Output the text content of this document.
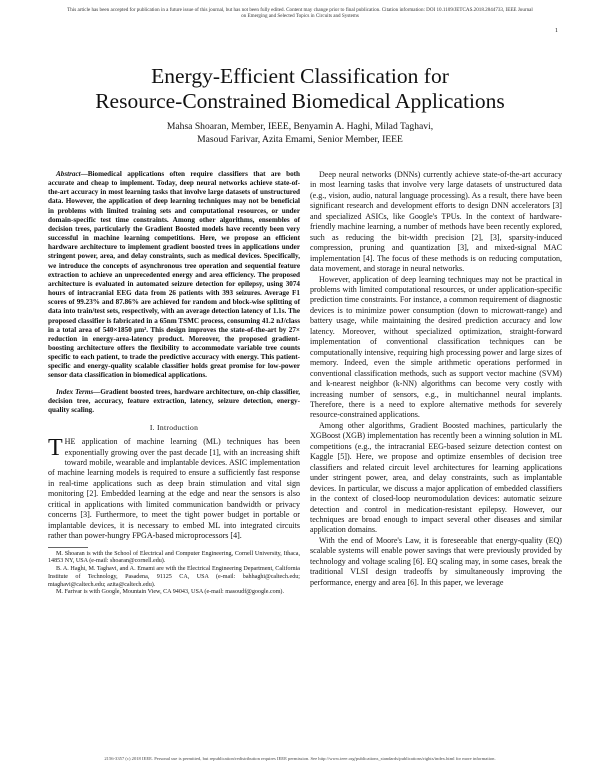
This article has been accepted for publication in a future issue of this journal, but has not been fully edited. Content may change prior to final publication. Citation information: DOI 10.1109/JETCAS.2018.2844733, IEEE Journal
on Emerging and Selected Topics in Circuits and Systems
1
Energy-Efficient Classification for
Resource-Constrained Biomedical Applications
Mahsa Shoaran, Member, IEEE, Benyamin A. Haghi, Milad Taghavi,
Masoud Farivar, Azita Emami, Senior Member, IEEE

Abstract—Biomedical applications often require classifiers that are both accurate and cheap to implement. Today, deep neural networks achieve state-of-the-art accuracy in most learning tasks that involve large datasets of unstructured data. However, the application of deep learning techniques may not be beneficial in problems with limited training sets and computational resources, or under domain-specific test time constraints. Among other algorithms, ensembles of decision trees, particularly the Gradient Boosted models have recently been very successful in machine learning competitions. Here, we propose an efficient hardware architecture to implement gradient boosted trees in applications under stringent power, area, and delay constraints, such as medical devices. Specifically, we introduce the concepts of asynchronous tree operation and sequential feature extraction to achieve an unprecedented energy and area efficiency. The proposed architecture is evaluated in automated seizure detection for epilepsy, using 3074 hours of intracranial EEG data from 26 patients with 393 seizures. Average F1 scores of 99.23% and 87.86% are achieved for random and block-wise splitting of data into train/test sets, respectively, with an average detection latency of 1.1s. The proposed classifier is fabricated in a 65nm TSMC process, consuming 41.2 nJ/class in a total area of 540×1850 μm². This design improves the state-of-the-art by 27× reduction in energy-area-latency product. Moreover, the proposed gradient-boosting architecture offers the flexibility to accommodate variable tree counts specific to each patient, to trade the predictive accuracy with energy. This patient-specific and energy-quality scalable classifier holds great promise for low-power sensor data classification in biomedical applications.

Index Terms—Gradient boosted trees, hardware architecture, on-chip classifier, decision tree, accuracy, feature extraction, latency, seizure detection, energy-quality scaling.

I. Introduction

THE application of machine learning (ML) techniques has been exponentially growing over the past decade [1], with an increasing shift toward mobile, wearable and implantable devices. ASIC implementation of machine learning models is required to ensure a sufficiently fast response in real-time applications such as deep brain stimulation and vital sign monitoring [2]. Embedded learning at the edge and near the sensors is also critical in applications with limited communication bandwidth or privacy concerns [3]. Furthermore, to meet the tight power budget in portable or implantable devices, it is necessary to embed ML into integrated circuits rather than power-hungry FPGA-based microprocessors [4].

M. Shoaran is with the School of Electrical and Computer Engineering, Cornell University, Ithaca, 14853 NY, USA (e-mail: shoaran@cornell.edu).

B. A. Haghi, M. Taghavi, and A. Emami are with the Electrical Engineering Department, California Institute of Technology, Pasadena, 91125 CA, USA (e-mail: bahhaghi@caltech.edu; mtaghavi@caltech.edu; azita@caltech.edu).

M. Farivar is with Google, Mountain View, CA 94043, USA (e-mail: masoudf@google.com).

Deep neural networks (DNNs) currently achieve state-of-the-art accuracy in most learning tasks that involve very large datasets of unstructured data (e.g., vision, audio, natural language processing). As a result, there have been significant research and development efforts to design DNN accelerators [3] and specialized ASICs, like Google's TPUs. In the context of hardware-friendly machine learning, a number of methods have been recently explored, such as reducing the bit-width precision [2], [3], sparsity-induced compression, pruning and quantization [3], and mixed-signal MAC implementation [4]. The focus of these methods is on reducing computation, data movement, and storage in neural networks.

However, application of deep learning techniques may not be practical in problems with limited computational resources, or under application-specific prediction time constraints. For instance, a common requirement of diagnostic devices is to minimize power consumption (down to microwatt-range) and battery usage, while maintaining the desired prediction accuracy and low latency. Moreover, without specialized optimization, straight-forward implementation of conventional classification techniques can be computationally intensive, requiring high processing power and large sizes of memory. Indeed, even the simple arithmetic operations performed in conventional classification methods, such as support vector machine (SVM) and k-nearest neighbor (k-NN) algorithms can become very costly with increasing number of sensors, e.g., in multichannel neural implants. Therefore, there is a need to explore alternative methods for severely resource-constrained applications.

Among other algorithms, Gradient Boosted machines, particularly the XGBoost (XGB) implementation has recently been a winning solution in ML competitions (e.g., the intracranial EEG-based seizure detection contest on Kaggle [5]). Here, we propose and optimize ensembles of decision tree classifiers and related circuit level architectures for learning applications under stringent power, area, and delay constraints, such as implantable devices. In particular, we discuss a major application of embedded classifiers in the context of closed-loop neuromodulation devices: automatic seizure detection and control in medication-resistant epilepsy. However, our techniques are broad enough to impact several other diseases and similar application domains.

With the end of Moore's Law, it is foreseeable that energy-quality (EQ) scalable systems will enable power savings that were previously provided by technology and voltage scaling [6]. EQ scaling may, in some cases, break the traditional VLSI design tradeoffs by simultaneously improving the performance, energy and area [6]. In this paper, we leverage

2156-3357 (c) 2018 IEEE. Personal use is permitted, but republication/redistribution requires IEEE permission. See http://www.ieee.org/publications_standards/publications/rights/index.html for more information.
